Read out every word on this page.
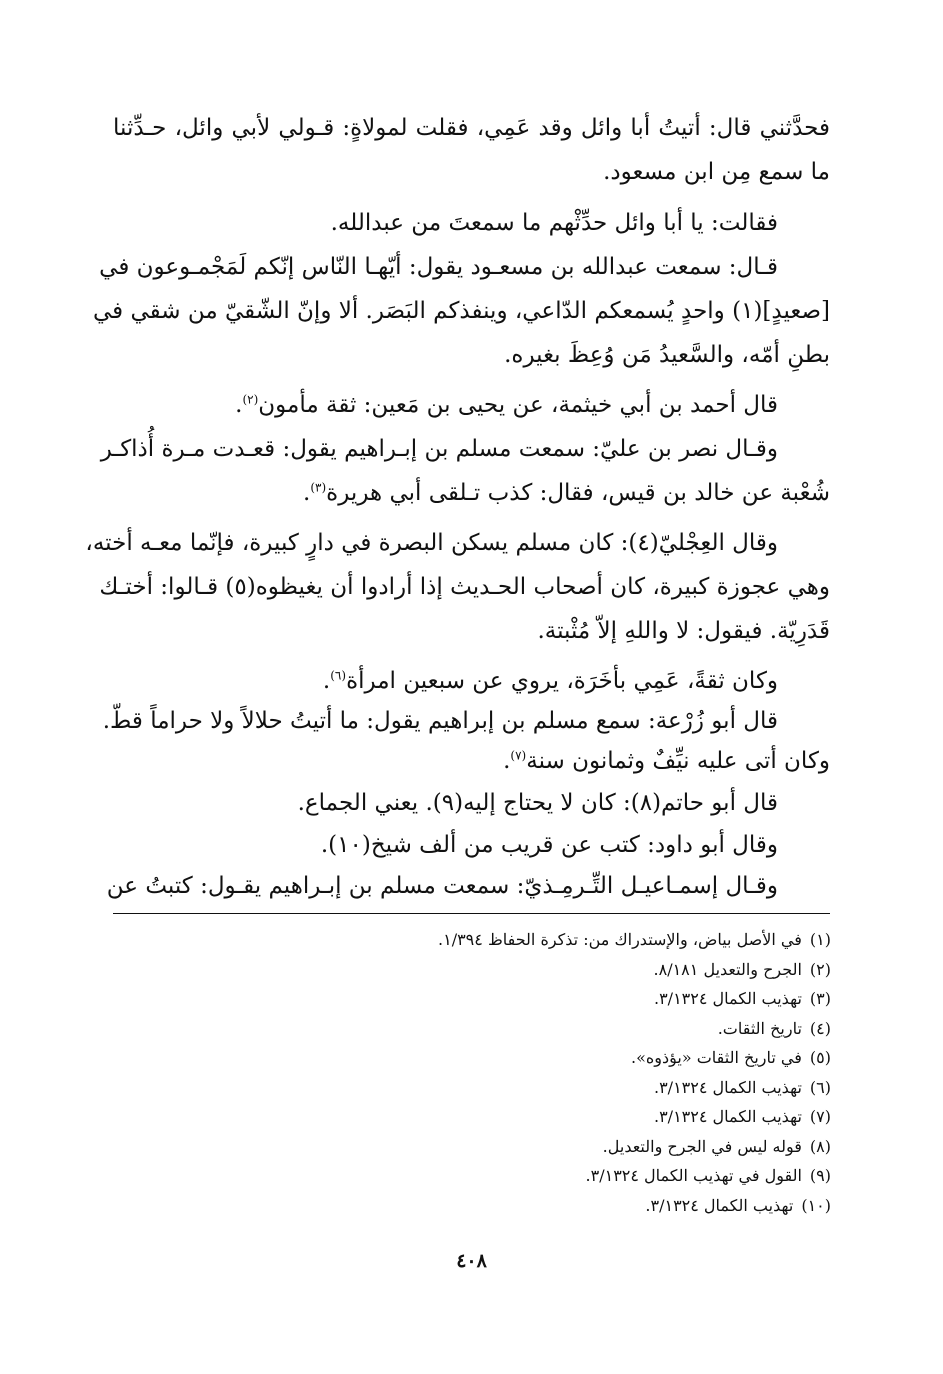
فحدَّثني قال: أتيتُ أبا وائل وقد عَمِي، فقلت لمولاةٍ: قـولي لأبي وائل، حـدِّثنا
ما سمع مِن ابن مسعود.
فقالت: يا أبا وائل حدِّثْهم ما سمعتَ من عبدالله.
قـال: سمعت عبدالله بن مسعـود يقول: أيّهـا النّاس إنّكم لَمَجْمـوعون في
[صعيدٍ](١) واحدٍ يُسمعكم الدّاعي، وينفذكم البَصَر. ألا وإنّ الشّقيّ من شقي في
بطنِ أمّه، والسَّعيدُ مَن وُعِظَ بغيره.
قال أحمد بن أبي خيثمة، عن يحيى بن مَعين: ثقة مأمون$^{(٢)}$.
وقـال نصر بن عليّ: سمعت مسلم بن إبـراهيم يقول: قعـدت مـرة أُذاكـر
شُعْبة عن خالد بن قيس، فقال: كذب تـلقى أبي هريرة$^{(٣)}$.
وقال العِجْليّ(٤): كان مسلم يسكن البصرة في دارٍ كبيرة، فإنّما معـه أخته،
وهي عجوزة كبيرة، كان أصحاب الحـديث إذا أرادوا أن يغيظوه(٥) قـالوا: أختـك
قَدَرِيّة. فيقول: لا واللهِ إلاّ مُثْبتة.
وكان ثقةً، عَمِي بأخَرَة، يروي عن سبعين امرأة$^{(٦)}$.
قال أبو زُرْعة: سمع مسلم بن إبراهيم يقول: ما أتيتُ حلالاً ولا حراماً قطّ.
وكان أتى عليه نيِّفٌ وثمانون سنة$^{(٧)}$.
قال أبو حاتم(٨): كان لا يحتاج إليه(٩). يعني الجماع.
وقال أبو داود: كتب عن قريب من ألف شيخ(١٠).
وقـال إسمـاعيـل التِّـرمِـذيّ: سمعت مسلم بن إبـراهيم يقـول: كتبتُ عن
(١)في الأصل بياض، والإستدراك من: تذكرة الحفاظ ١/٣٩٤.
(٢)الجرح والتعديل ٨/١٨١.
(٣)تهذيب الكمال ٣/١٣٢٤.
(٤)تاريخ الثقات.
(٥)في تاريخ الثقات «يؤذوه».
(٦)تهذيب الكمال ٣/١٣٢٤.
(٧)تهذيب الكمال ٣/١٣٢٤.
(٨)قوله ليس في الجرح والتعديل.
(٩)القول في تهذيب الكمال ٣/١٣٢٤.
(١٠)تهذيب الكمال ٣/١٣٢٤.
٤٠٨
